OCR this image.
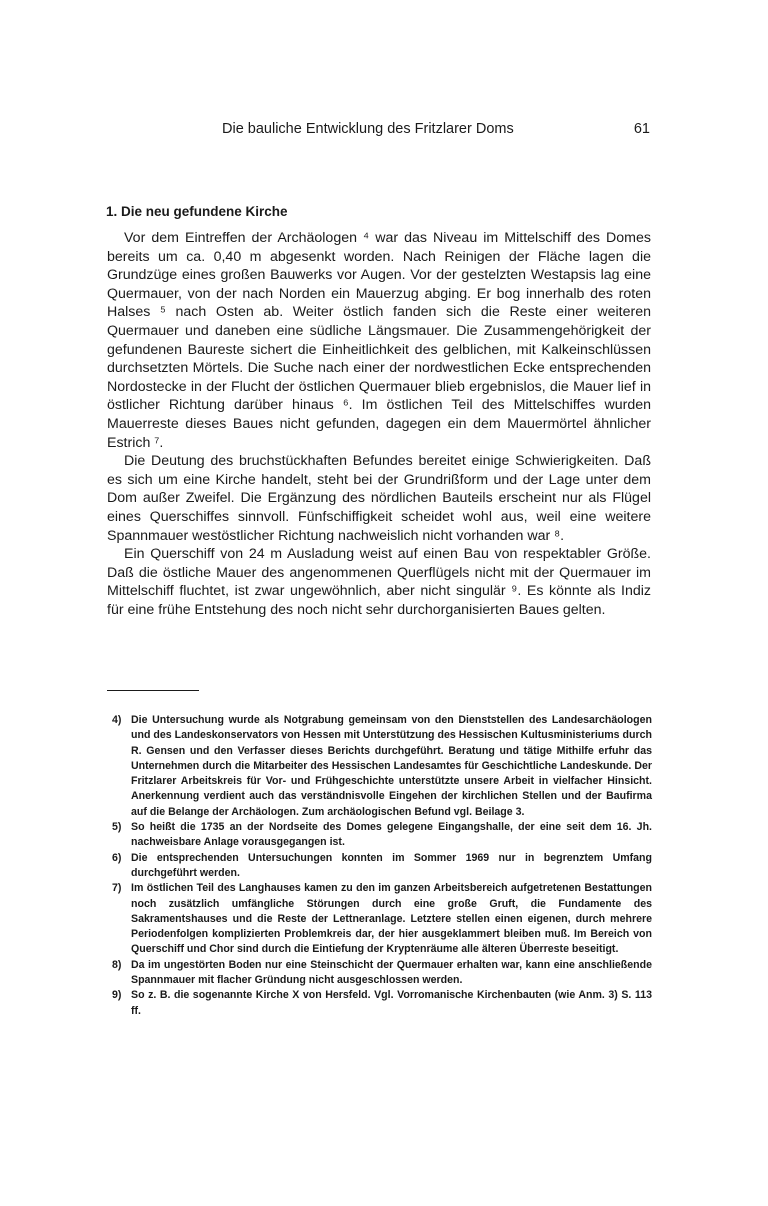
Die bauliche Entwicklung des Fritzlarer Doms	61
1. Die neu gefundene Kirche

Vor dem Eintreffen der Archäologen ⁴ war das Niveau im Mittelschiff des Domes bereits um ca. 0,40 m abgesenkt worden. Nach Reinigen der Fläche lagen die Grundzüge eines großen Bauwerks vor Augen. Vor der gestelzten Westapsis lag eine Quermauer, von der nach Norden ein Mauerzug abging. Er bog innerhalb des roten Halses ⁵ nach Osten ab. Weiter östlich fanden sich die Reste einer weiteren Quermauer und daneben eine südliche Längsmauer. Die Zusammengehörigkeit der gefundenen Baureste sichert die Einheitlichkeit des gelblichen, mit Kalkeinschlüssen durchsetzten Mörtels. Die Suche nach einer der nordwestlichen Ecke entsprechenden Nordostecke in der Flucht der östlichen Quermauer blieb ergebnislos, die Mauer lief in östlicher Richtung darüber hinaus ⁶. Im östlichen Teil des Mittelschiffes wurden Mauerreste dieses Baues nicht gefunden, dagegen ein dem Mauermörtel ähnlicher Estrich ⁷.

Die Deutung des bruchstückhaften Befundes bereitet einige Schwierigkeiten. Daß es sich um eine Kirche handelt, steht bei der Grundrißform und der Lage unter dem Dom außer Zweifel. Die Ergänzung des nördlichen Bauteils erscheint nur als Flügel eines Querschiffes sinnvoll. Fünfschiffigkeit scheidet wohl aus, weil eine weitere Spannmauer westöstlicher Richtung nachweislich nicht vorhanden war ⁸.

Ein Querschiff von 24 m Ausladung weist auf einen Bau von respektabler Größe. Daß die östliche Mauer des angenommenen Querflügels nicht mit der Quermauer im Mittelschiff fluchtet, ist zwar ungewöhnlich, aber nicht singulär ⁹. Es könnte als Indiz für eine frühe Entstehung des noch nicht sehr durchorganisierten Baues gelten.

4) Die Untersuchung wurde als Notgrabung gemeinsam von den Dienststellen des Landesarchäologen und des Landeskonservators von Hessen mit Unterstützung des Hessischen Kultusministeriums durch R. Gensen und den Verfasser dieses Berichts durchgeführt. Beratung und tätige Mithilfe erfuhr das Unternehmen durch die Mitarbeiter des Hessischen Landesamtes für Geschichtliche Landeskunde. Der Fritzlarer Arbeitskreis für Vor- und Frühgeschichte unterstützte unsere Arbeit in vielfacher Hinsicht. Anerkennung verdient auch das verständnisvolle Eingehen der kirchlichen Stellen und der Baufirma auf die Belange der Archäologen. Zum archäologischen Befund vgl. Beilage 3.
5) So heißt die 1735 an der Nordseite des Domes gelegene Eingangshalle, der eine seit dem 16. Jh. nachweisbare Anlage vorausgegangen ist.
6) Die entsprechenden Untersuchungen konnten im Sommer 1969 nur in begrenztem Umfang durchgeführt werden.
7) Im östlichen Teil des Langhauses kamen zu den im ganzen Arbeitsbereich aufgetretenen Bestattungen noch zusätzlich umfängliche Störungen durch eine große Gruft, die Fundamente des Sakramentshauses und die Reste der Lettneranlage. Letztere stellen einen eigenen, durch mehrere Periodenfolgen komplizierten Problemkreis dar, der hier ausgeklammert bleiben muß. Im Bereich von Querschiff und Chor sind durch die Eintiefung der Kryptenräume alle älteren Überreste beseitigt.
8) Da im ungestörten Boden nur eine Steinschicht der Quermauer erhalten war, kann eine anschließende Spannmauer mit flacher Gründung nicht ausgeschlossen werden.
9) So z. B. die sogenannte Kirche X von Hersfeld. Vgl. Vorromanische Kirchenbauten (wie Anm. 3) S. 113 ff.
